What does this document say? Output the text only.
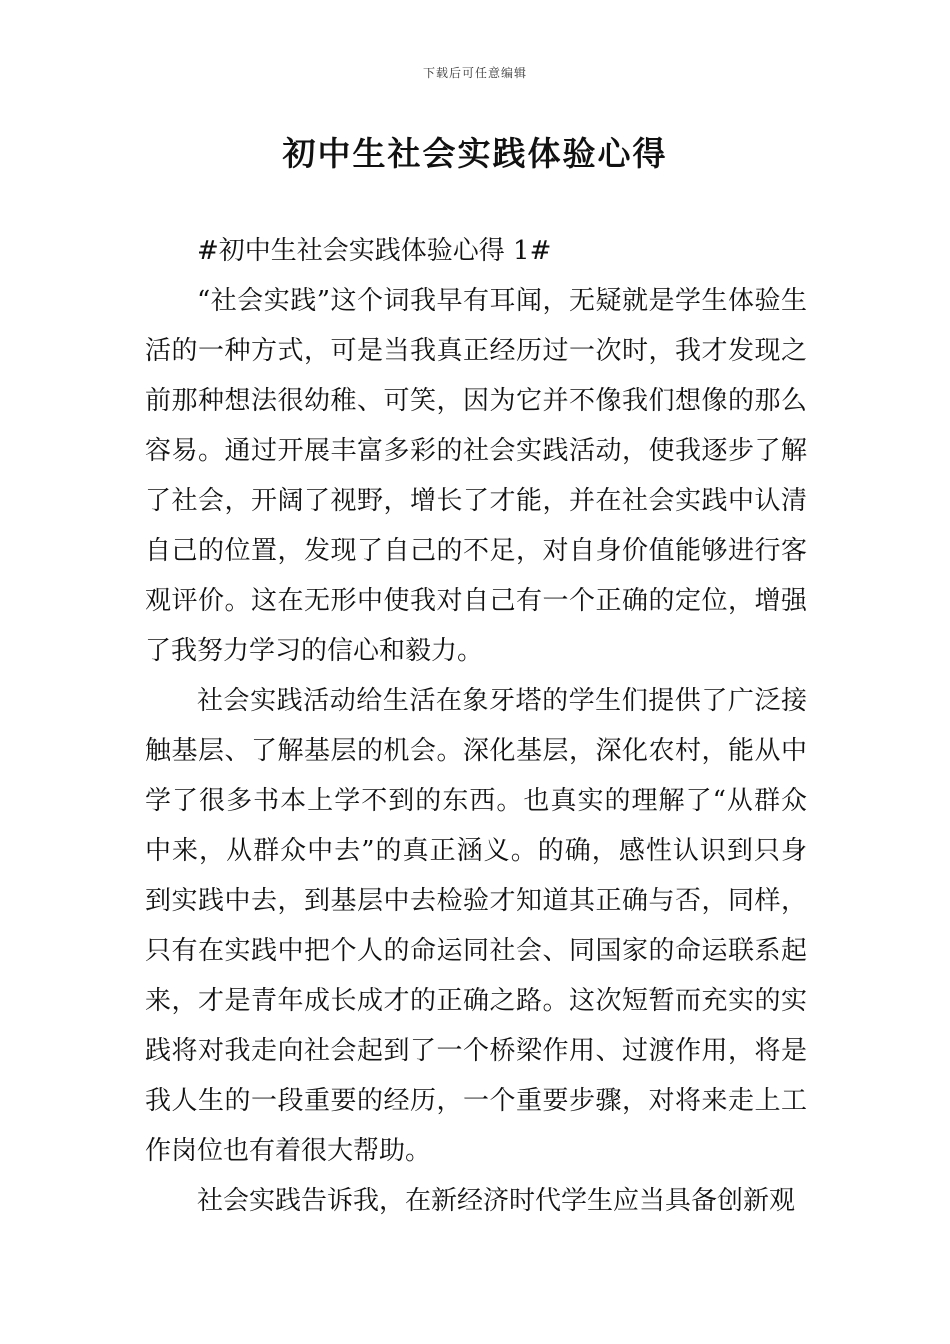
下载后可任意编辑
初中生社会实践体验心得

#初中生社会实践体验心得 1#

“社会实践”这个词我早有耳闻，无疑就是学生体验生活的一种方式，可是当我真正经历过一次时，我才发现之前那种想法很幼稚、可笑，因为它并不像我们想像的那么容易。通过开展丰富多彩的社会实践活动，使我逐步了解了社会，开阔了视野，增长了才能，并在社会实践中认清自己的位置，发现了自己的不足，对自身价值能够进行客观评价。这在无形中使我对自己有一个正确的定位，增强了我努力学习的信心和毅力。

社会实践活动给生活在象牙塔的学生们提供了广泛接触基层、了解基层的机会。深化基层，深化农村，能从中学了很多书本上学不到的东西。也真实的理解了“从群众中来，从群众中去”的真正涵义。的确，感性认识到只身到实践中去，到基层中去检验才知道其正确与否，同样，只有在实践中把个人的命运同社会、同国家的命运联系起来，才是青年成长成才的正确之路。这次短暂而充实的实践将对我走向社会起到了一个桥梁作用、过渡作用，将是我人生的一段重要的经历，一个重要步骤，对将来走上工作岗位也有着很大帮助。

社会实践告诉我，在新经济时代学生应当具备创新观
